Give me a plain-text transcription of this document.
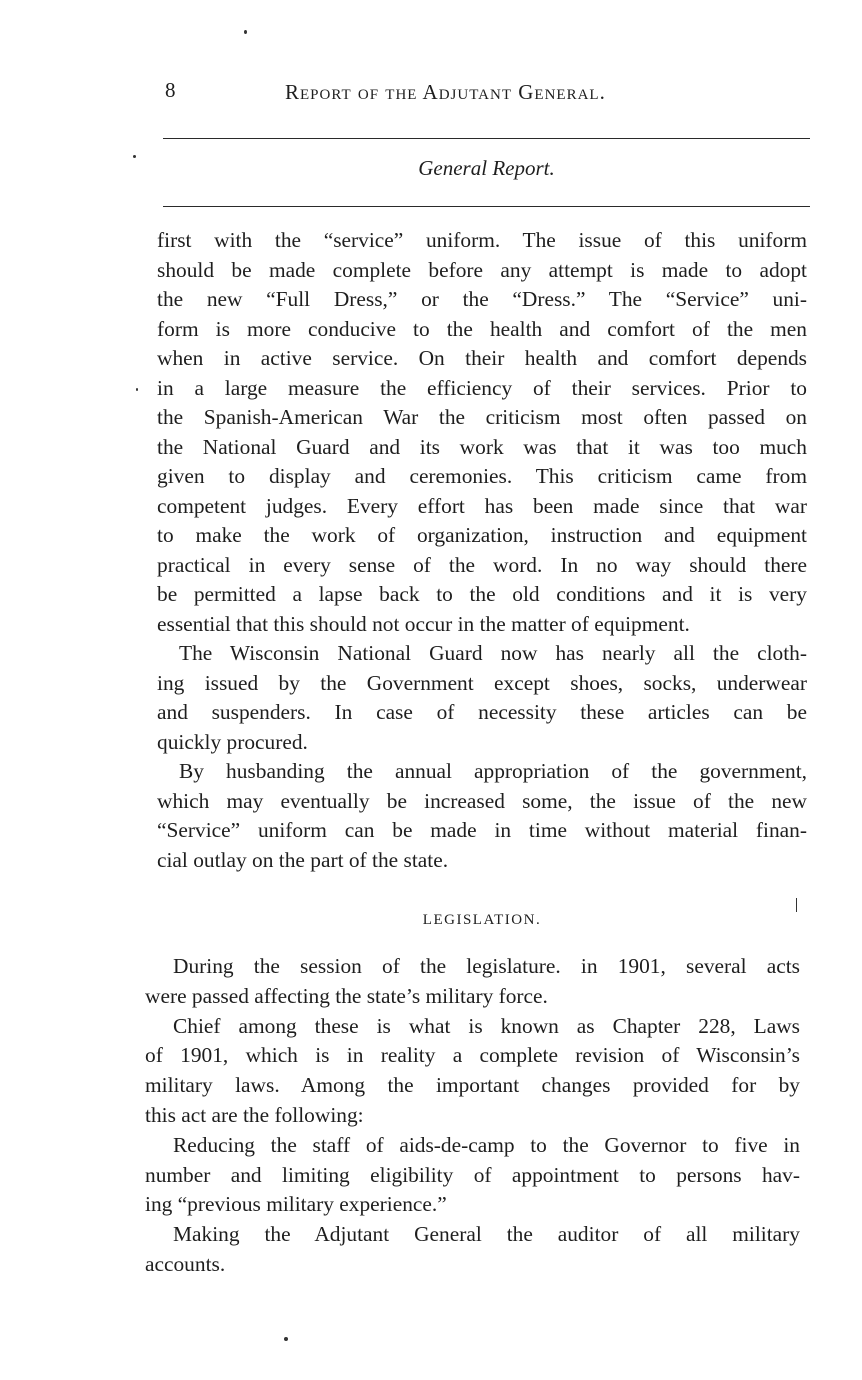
8	Report of the Adjutant General.
General Report.
first with the “service” uniform. The issue of this uniform
should be made complete before any attempt is made to adopt
the new “Full Dress,” or the “Dress.” The “Service” uni-
form is more conducive to the health and comfort of the men
when in active service. On their health and comfort depends
in a large measure the efficiency of their services. Prior to
the Spanish-American War the criticism most often passed on
the National Guard and its work was that it was too much
given to display and ceremonies. This criticism came from
competent judges. Every effort has been made since that war
to make the work of organization, instruction and equipment
practical in every sense of the word. In no way should there
be permitted a lapse back to the old conditions and it is very
essential that this should not occur in the matter of equipment.
The Wisconsin National Guard now has nearly all the cloth-
ing issued by the Government except shoes, socks, underwear
and suspenders. In case of necessity these articles can be
quickly procured.
By husbanding the annual appropriation of the government,
which may eventually be increased some, the issue of the new
“Service” uniform can be made in time without material finan-
cial outlay on the part of the state.
LEGISLATION.
During the session of the legislature. in 1901, several acts
were passed affecting the state’s military force.
Chief among these is what is known as Chapter 228, Laws
of 1901, which is in reality a complete revision of Wisconsin’s
military laws. Among the important changes provided for by
this act are the following:
Reducing the staff of aids-de-camp to the Governor to five in
number and limiting eligibility of appointment to persons hav-
ing “previous military experience.”
Making the Adjutant General the auditor of all military
accounts.
